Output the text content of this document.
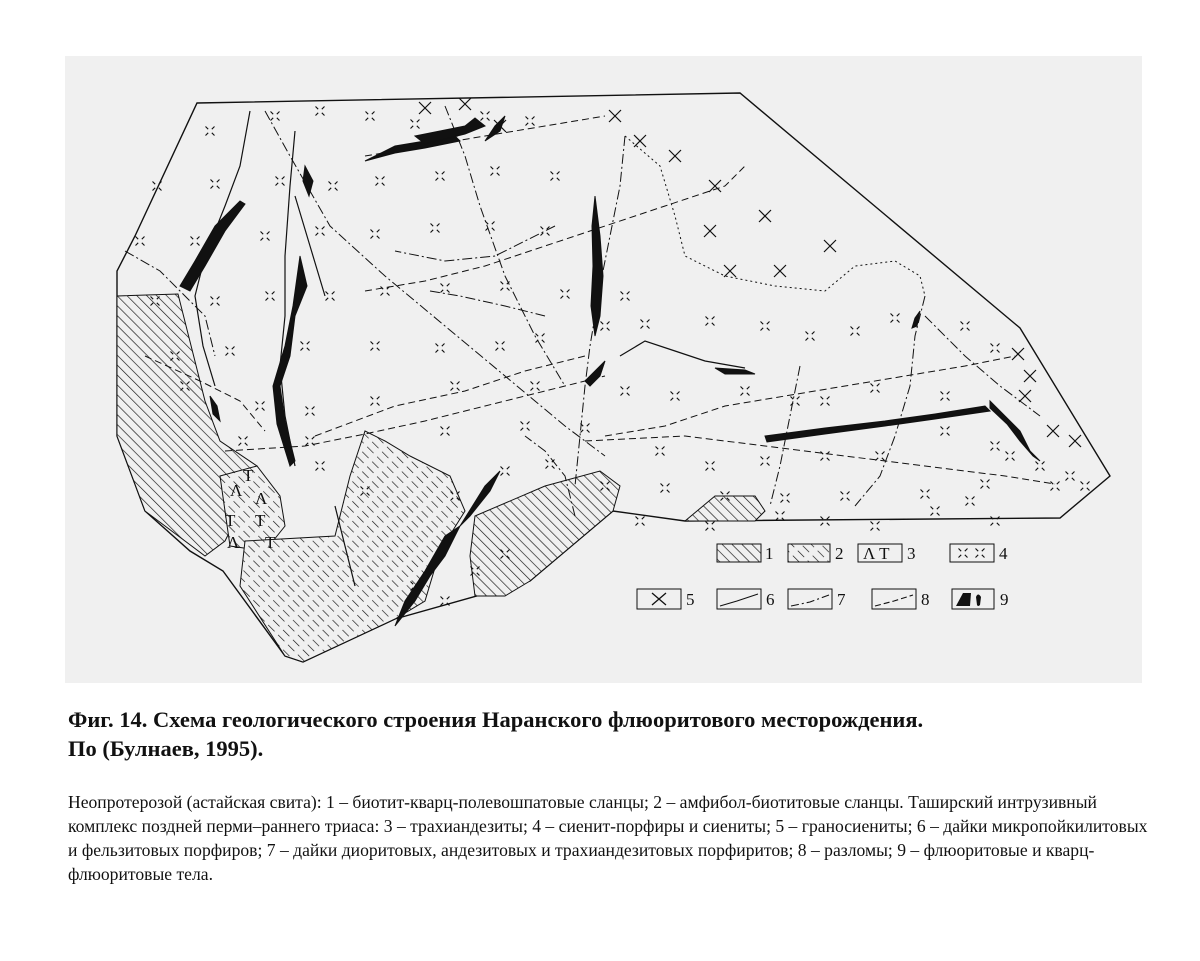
T
T T
Λ Λ
Λ T
1	2 Λ T 3	4
5	6	7	8	9
Фиг. 14. Схема геологического строения Наранского флюоритового месторождения.
По (Булнаев, 1995).
Неопротерозой (астайская свита): 1 – биотит-кварц-полевошпатовые сланцы; 2 – амфибол-биотитовые сланцы. Таширский интрузивный комплекс поздней перми–раннего триаса: 3 – трахиандезиты; 4 – сиенит-порфиры и сиениты; 5 – граносиениты; 6 – дайки микропойкилитовых и фельзитовых порфиров; 7 – дайки диоритовых, андезитовых и трахиандезитовых порфиритов; 8 – разломы; 9 – флюоритовые и кварц-флюоритовые тела.
